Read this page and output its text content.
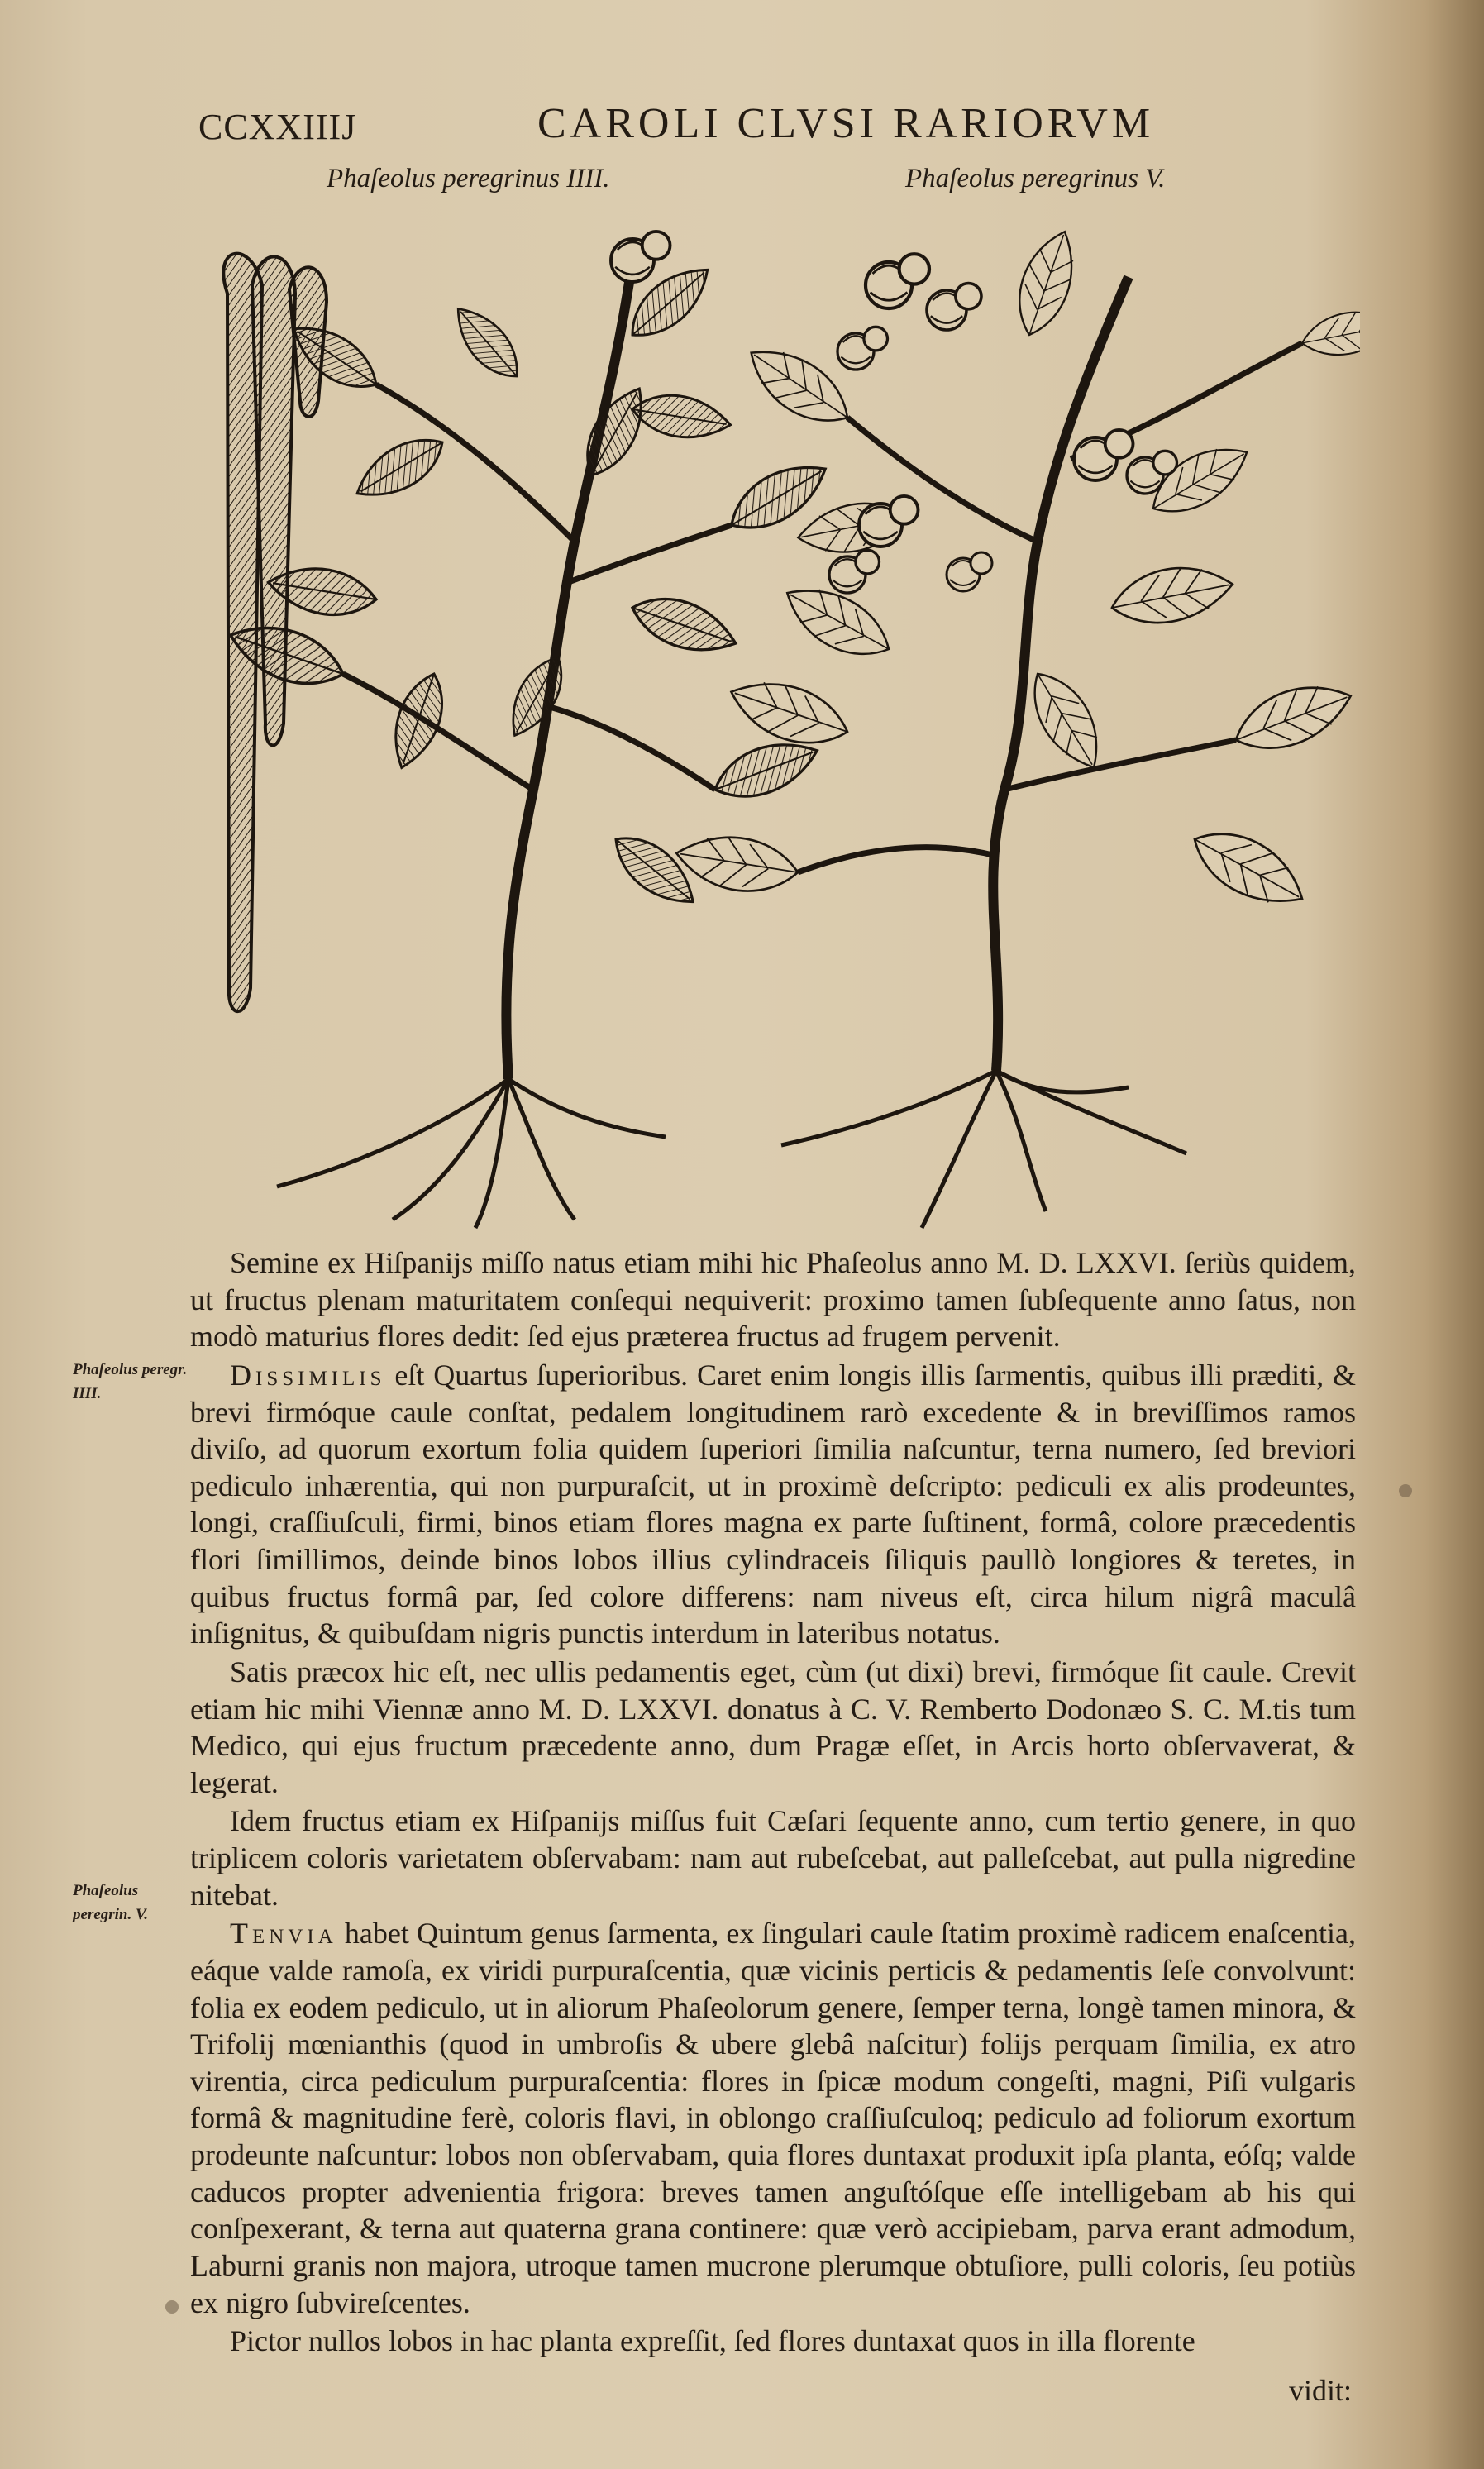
CCXXIIIJ	CAROLI CLVSI RARIORVM
Phaſeolus peregrinus IIII.	Phaſeolus peregrinus V.

Semine ex Hiſpanijs miſſo natus etiam mihi hic Phaſeolus anno M. D. LXXVI. ſeriùs quidem, ut fructus plenam maturitatem conſequi nequiverit: proximo tamen ſubſequente anno ſatus, non modò maturius flores dedit: ſed ejus præterea fructus ad frugem pervenit.

Dissimilis eſt Quartus ſuperioribus. Caret enim longis illis ſarmentis, quibus illi præditi, & brevi firmóque caule conſtat, pedalem longitudinem rarò excedente & in breviſſimos ramos diviſo, ad quorum exortum folia quidem ſuperiori ſimilia naſcuntur, terna numero, ſed breviori pediculo inhærentia, qui non purpuraſcit, ut in proximè deſcripto: pediculi ex alis prodeuntes, longi, craſſiuſculi, firmi, binos etiam flores magna ex parte ſuſtinent, formâ, colore præcedentis flori ſimillimos, deinde binos lobos illius cylindraceis ſiliquis paullò longiores & teretes, in quibus fructus formâ par, ſed colore differens: nam niveus eſt, circa hilum nigrâ maculâ inſignitus, & quibuſdam nigris punctis interdum in lateribus notatus.

Satis præcox hic eſt, nec ullis pedamentis eget, cùm (ut dixi) brevi, firmóque ſit caule. Crevit etiam hic mihi Viennæ anno M. D. LXXVI. donatus à C. V. Remberto Dodonæo S. C. M.tis tum Medico, qui ejus fructum præcedente anno, dum Pragæ eſſet, in Arcis horto obſervaverat, & legerat.

Idem fructus etiam ex Hiſpanijs miſſus fuit Cæſari ſequente anno, cum tertio genere, in quo triplicem coloris varietatem obſervabam: nam aut rubeſcebat, aut palleſcebat, aut pulla nigredine nitebat.

Tenvia habet Quintum genus ſarmenta, ex ſingulari caule ſtatim proximè radicem enaſcentia, eáque valde ramoſa, ex viridi purpuraſcentia, quæ vicinis perticis & pedamentis ſeſe convolvunt: folia ex eodem pediculo, ut in aliorum Phaſeolorum genere, ſemper terna, longè tamen minora, & Trifolij mœnianthis (quod in umbroſis & ubere glebâ naſcitur) folijs perquam ſimilia, ex atro virentia, circa pediculum purpuraſcentia: flores in ſpicæ modum congeſti, magni, Piſi vulgaris formâ & magnitudine ferè, coloris flavi, in oblongo craſſiuſculoq; pediculo ad foliorum exortum prodeunte naſcuntur: lobos non obſervabam, quia flores duntaxat produxit ipſa planta, eóſq; valde caducos propter advenientia frigora: breves tamen anguſtóſque eſſe intelligebam ab his qui conſpexerant, & terna aut quaterna grana continere: quæ verò accipiebam, parva erant admodum, Laburni granis non majora, utroque tamen mucrone plerumque obtuſiore, pulli coloris, ſeu potiùs ex nigro ſubvireſcentes.

Pictor nullos lobos in hac planta expreſſit, ſed flores duntaxat quos in illa florente

Phaſeolus peregr. IIII.
Phaſeolus peregrin. V.
vidit:
